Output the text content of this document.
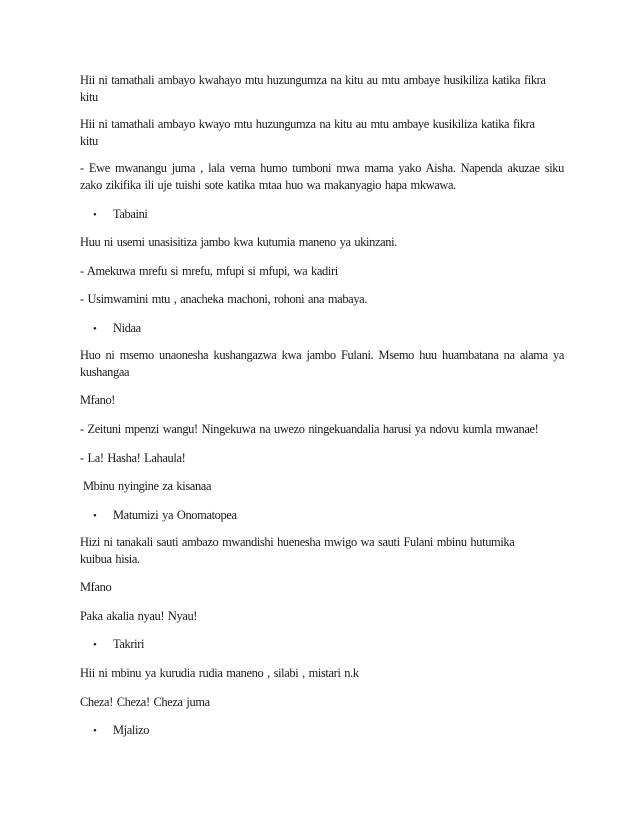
Hii ni tamathali ambayo kwahayo mtu huzungumza na kitu au mtu ambaye husikiliza katika fikra kitu
Hii ni tamathali ambayo kwayo mtu huzungumza na kitu au mtu ambaye kusikiliza katika fikra kitu
- Ewe mwanangu juma , lala vema humo tumboni mwa mama yako Aisha. Napenda akuzae siku zako zikifika ili uje tuishi sote katika mtaa huo wa makanyagio hapa mkwawa.
• Tabaini
Huu ni usemi unasisitiza jambo kwa kutumia maneno ya ukinzani.
- Amekuwa mrefu si mrefu, mfupi si mfupi, wa kadiri
- Usimwamini mtu , anacheka machoni, rohoni ana mabaya.
• Nidaa
Huo ni msemo unaonesha kushangazwa kwa jambo Fulani. Msemo huu huambatana na alama ya kushangaa
Mfano!
- Zeituni mpenzi wangu! Ningekuwa na uwezo ningekuandalia harusi ya ndovu kumla mwanae!
- La! Hasha! Lahaula!
Mbinu nyingine za kisanaa
• Matumizi ya Onomatopea
Hizi ni tanakali sauti ambazo mwandishi huenesha mwigo wa sauti Fulani mbinu hutumika kuibua hisia.
Mfano
Paka akalia nyau! Nyau!
• Takriri
Hii ni mbinu ya kurudia rudia maneno , silabi , mistari n.k
Cheza! Cheza! Cheza juma
• Mjalizo
